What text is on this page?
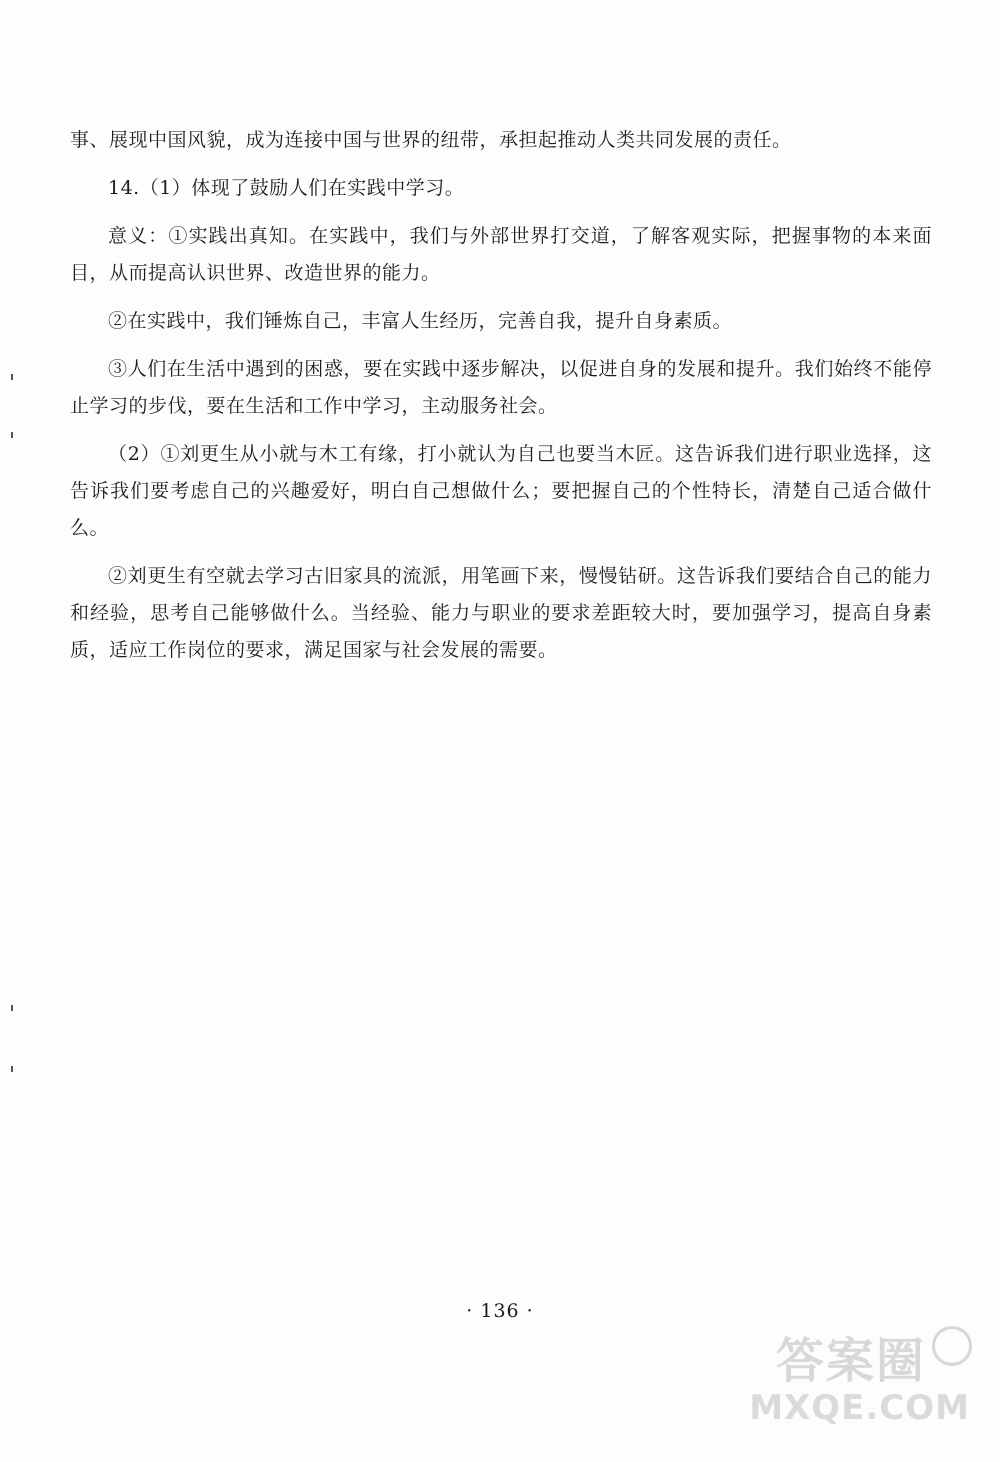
事、展现中国风貌，成为连接中国与世界的纽带，承担起推动人类共同发展的责任。

14.（1）体现了鼓励人们在实践中学习。

意义：①实践出真知。在实践中，我们与外部世界打交道，了解客观实际，把握事物的本来面目，从而提高认识世界、改造世界的能力。

②在实践中，我们锤炼自己，丰富人生经历，完善自我，提升自身素质。

③人们在生活中遇到的困惑，要在实践中逐步解决，以促进自身的发展和提升。我们始终不能停止学习的步伐，要在生活和工作中学习，主动服务社会。

（2）①刘更生从小就与木工有缘，打小就认为自己也要当木匠。这告诉我们进行职业选择，这告诉我们要考虑自己的兴趣爱好，明白自己想做什么；要把握自己的个性特长，清楚自己适合做什么。

②刘更生有空就去学习古旧家具的流派，用笔画下来，慢慢钻研。这告诉我们要结合自己的能力和经验，思考自己能够做什么。当经验、能力与职业的要求差距较大时，要加强学习，提高自身素质，适应工作岗位的要求，满足国家与社会发展的需要。

· 136 ·
答案圈
MXQE.COM
